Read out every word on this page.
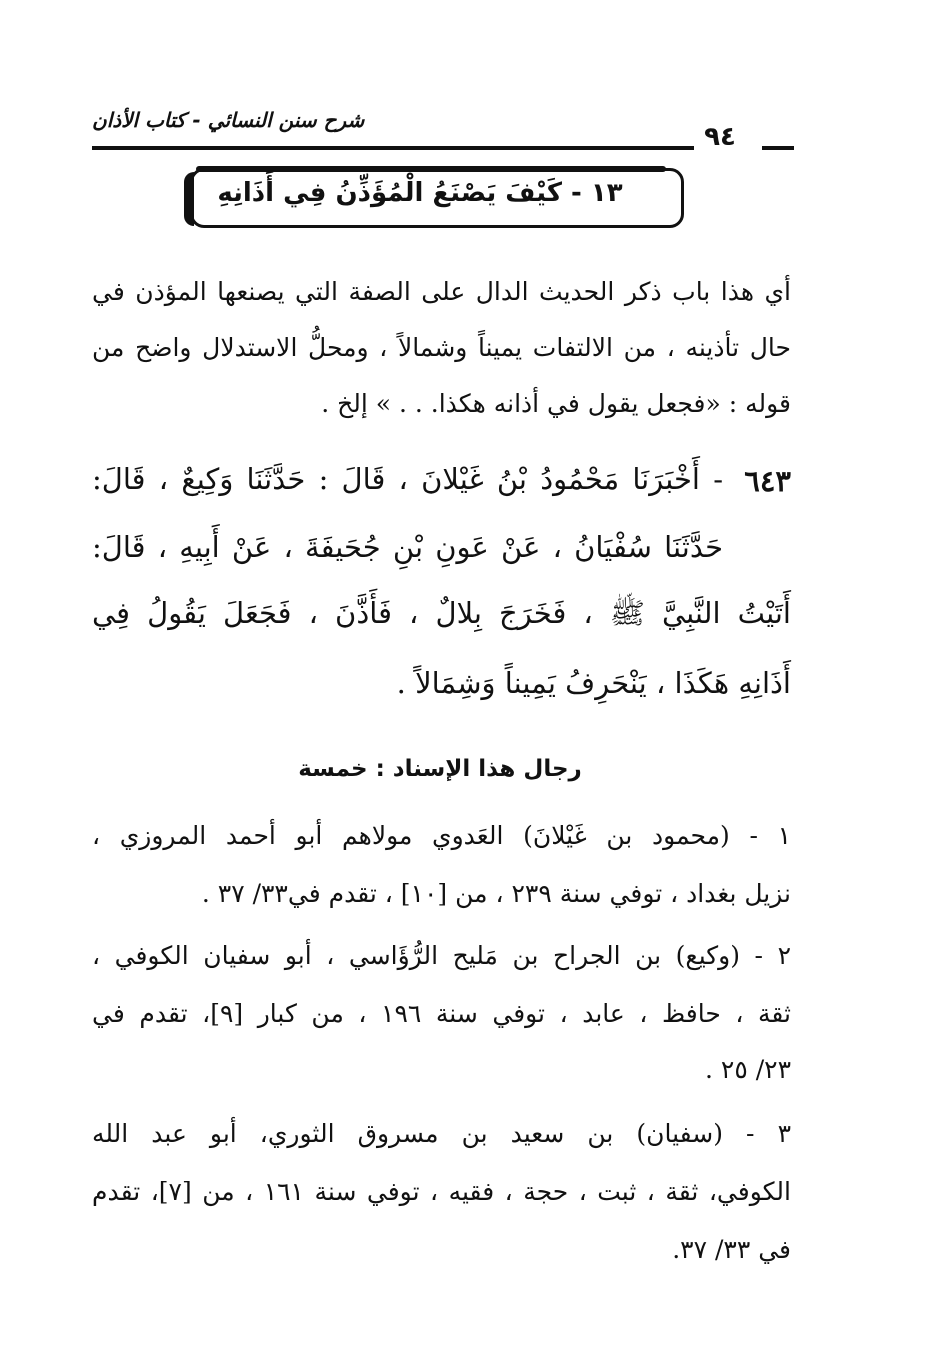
شرح سنن النسائي - كتاب الأذان
٩٤
١٣ - كَيْفَ يَصْنَعُ الْمُؤَذِّنُ فِي أَذَانِهِ
أي هذا باب ذكر الحديث الدال على الصفة التي يصنعها المؤذن في
حال تأذينه ، من الالتفات يميناً وشمالاً ، ومحلُّ الاستدلال واضح من
قوله : «فجعل يقول في أذانه هكذا. . . » إلخ .
٦٤٣
- أَخْبَرَنَا مَحْمُودُ بْنُ غَيْلانَ ، قَالَ : حَدَّثَنَا وَكِيعٌ ، قَالَ:
حَدَّثَنَا سُفْيَانُ ، عَنْ عَونِ بْنِ جُحَيفَةَ ، عَنْ أَبِيهِ ، قَالَ:
أَتَيْتُ النَّبِيَّ ﷺ ، فَخَرَجَ بِلالٌ ، فَأَذَّنَ ، فَجَعَلَ يَقُولُ فِي
أَذَانِهِ هَكَذَا ، يَنْحَرِفُ يَمِيناً وَشِمَالاً .
رجال هذا الإسناد : خمسة
١ - (محمود بن غَيْلانَ) العَدوي مولاهم أبو أحمد المروزي ،
نزيل بغداد ، توفي سنة ٢٣٩ ، من [١٠] ، تقدم في٣٣/ ٣٧ .
٢ - (وكيع) بن الجراح بن مَليح الرُّؤَاسي ، أبو سفيان الكوفي ،
ثقة ، حافظ ، عابد ، توفي سنة ١٩٦ ، من كبار [٩]، تقدم في
٢٣/ ٢٥ .
٣ - (سفيان) بن سعيد بن مسروق الثوري، أبو عبد الله
الكوفي، ثقة ، ثبت ، حجة ، فقيه ، توفي سنة ١٦١ ، من [٧]، تقدم
في ٣٣/ ٣٧.
